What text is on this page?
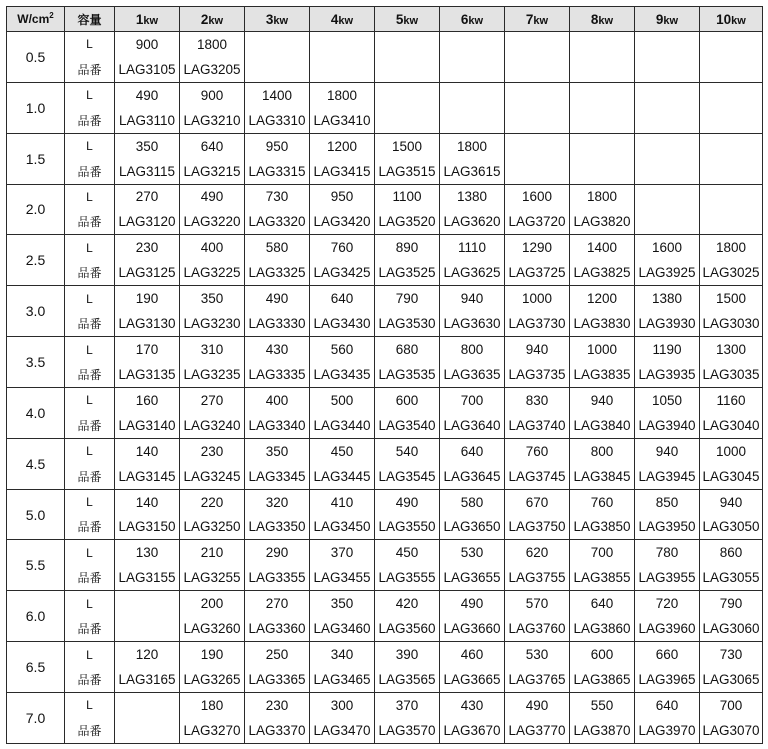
$W/cm^2$	容量	1kw	2kw	3kw	4kw	5kw	6kw	7kw	8kw	9kw	10kw
0.5	L	900	1800								
	品番	LAG3105	LAG3205								
1.0	L	490	900	1400	1800						
	品番	LAG3110	LAG3210	LAG3310	LAG3410						
1.5	L	350	640	950	1200	1500	1800				
	品番	LAG3115	LAG3215	LAG3315	LAG3415	LAG3515	LAG3615				
2.0	L	270	490	730	950	1100	1380	1600	1800		
	品番	LAG3120	LAG3220	LAG3320	LAG3420	LAG3520	LAG3620	LAG3720	LAG3820		
2.5	L	230	400	580	760	890	1110	1290	1400	1600	1800
	品番	LAG3125	LAG3225	LAG3325	LAG3425	LAG3525	LAG3625	LAG3725	LAG3825	LAG3925	LAG3025
3.0	L	190	350	490	640	790	940	1000	1200	1380	1500
	品番	LAG3130	LAG3230	LAG3330	LAG3430	LAG3530	LAG3630	LAG3730	LAG3830	LAG3930	LAG3030
3.5	L	170	310	430	560	680	800	940	1000	1190	1300
	品番	LAG3135	LAG3235	LAG3335	LAG3435	LAG3535	LAG3635	LAG3735	LAG3835	LAG3935	LAG3035
4.0	L	160	270	400	500	600	700	830	940	1050	1160
	品番	LAG3140	LAG3240	LAG3340	LAG3440	LAG3540	LAG3640	LAG3740	LAG3840	LAG3940	LAG3040
4.5	L	140	230	350	450	540	640	760	800	940	1000
	品番	LAG3145	LAG3245	LAG3345	LAG3445	LAG3545	LAG3645	LAG3745	LAG3845	LAG3945	LAG3045
5.0	L	140	220	320	410	490	580	670	760	850	940
	品番	LAG3150	LAG3250	LAG3350	LAG3450	LAG3550	LAG3650	LAG3750	LAG3850	LAG3950	LAG3050
5.5	L	130	210	290	370	450	530	620	700	780	860
	品番	LAG3155	LAG3255	LAG3355	LAG3455	LAG3555	LAG3655	LAG3755	LAG3855	LAG3955	LAG3055
6.0	L		200	270	350	420	490	570	640	720	790
	品番		LAG3260	LAG3360	LAG3460	LAG3560	LAG3660	LAG3760	LAG3860	LAG3960	LAG3060
6.5	L	120	190	250	340	390	460	530	600	660	730
	品番	LAG3165	LAG3265	LAG3365	LAG3465	LAG3565	LAG3665	LAG3765	LAG3865	LAG3965	LAG3065
7.0	L		180	230	300	370	430	490	550	640	700
	品番		LAG3270	LAG3370	LAG3470	LAG3570	LAG3670	LAG3770	LAG3870	LAG3970	LAG3070
